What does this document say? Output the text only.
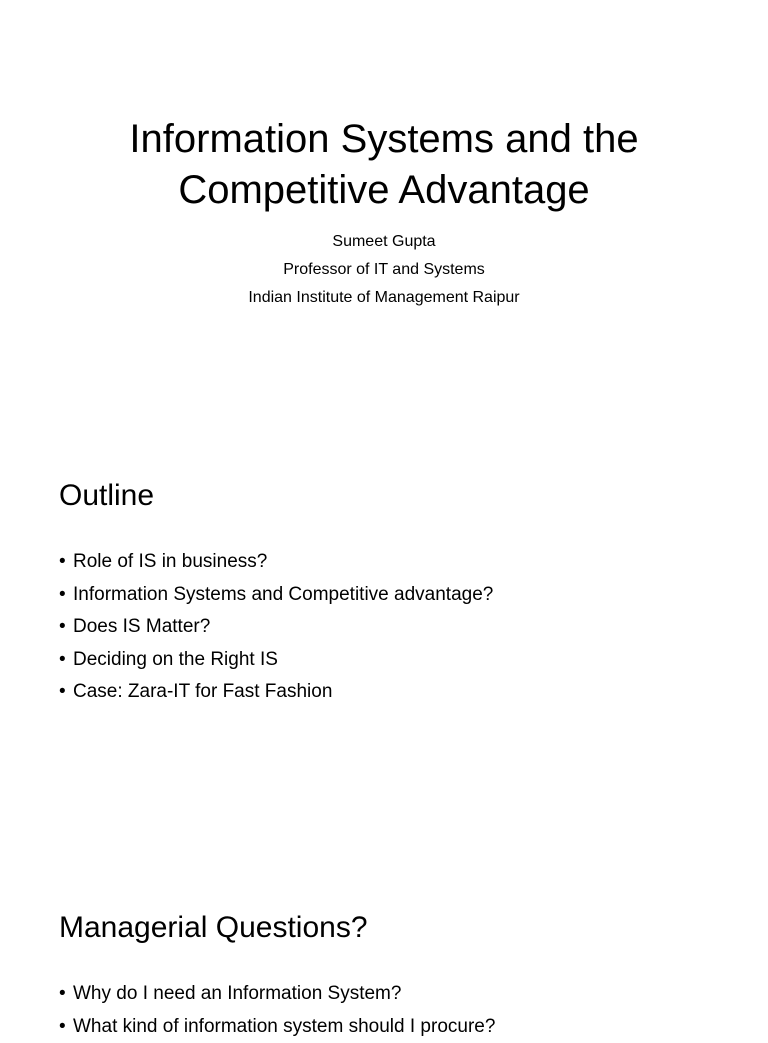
Information Systems and the
Competitive Advantage
Sumeet Gupta
Professor of IT and Systems
Indian Institute of Management Raipur
Outline
• Role of IS in business?
• Information Systems and Competitive advantage?
• Does IS Matter?
• Deciding on the Right IS
• Case: Zara-IT for Fast Fashion
Managerial Questions?
• Why do I need an Information System?
• What kind of information system should I procure?
